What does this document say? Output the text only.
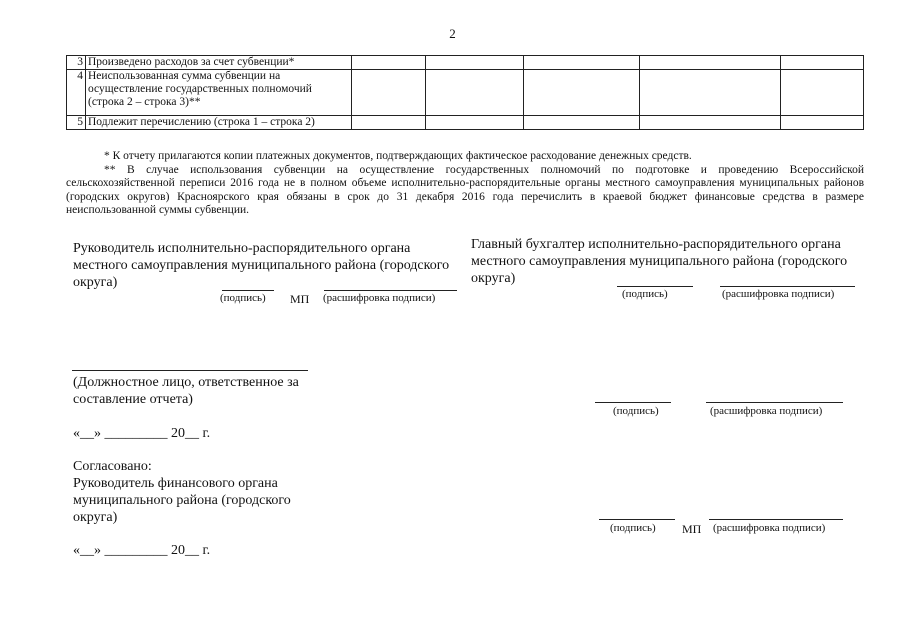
2
3	Произведено расходов за счет субвенции*					
4	Неиспользованная сумма субвенции на осуществление государственных полномочий (строка 2 – строка 3)**					
5	Подлежит перечислению (строка 1 – строка 2)					
* К отчету прилагаются копии платежных документов, подтверждающих фактическое расходование денежных средств.
** В случае использования субвенции на осуществление государственных полномочий по подготовке и проведению Всероссийской сельскохозяйственной переписи 2016 года не в полном объеме исполнительно-распорядительные органы местного самоуправления муниципальных районов (городских округов) Красноярского края обязаны в срок до 31 декабря 2016 года перечислить в краевой бюджет финансовые средства в размере неиспользованной суммы субвенции.
Руководитель исполнительно-распорядительного органа местного самоуправления муниципального района (городского округа)
(подпись) МП (расшифровка подписи)
Главный бухгалтер исполнительно-распорядительного органа местного самоуправления муниципального района (городского округа)
(подпись)	(расшифровка подписи)
(Должностное лицо, ответственное за составление отчета)
(подпись)	(расшифровка подписи)
«__» _________ 20__ г.
Согласовано:
Руководитель финансового органа муниципального района (городского округа)
(подпись) МП (расшифровка подписи)
«__» _________ 20__ г.
